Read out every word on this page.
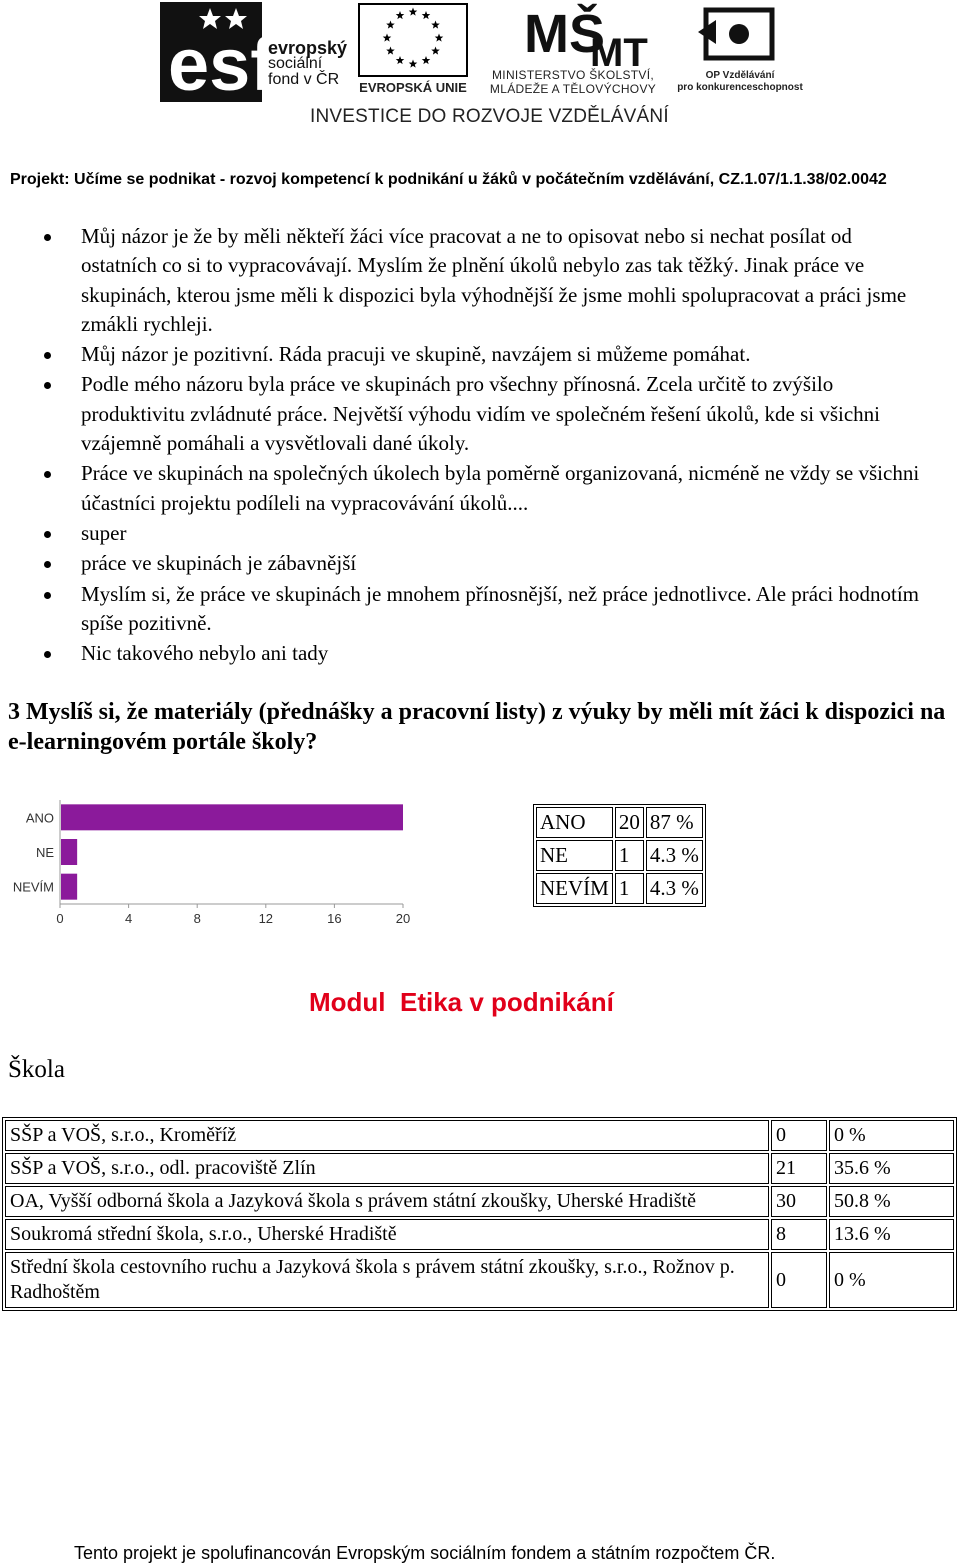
esf
evropský
sociální
fond v ČR	EVROPSKÁ UNIE
MŠ
MT
MINISTERSTVO ŠKOLSTVÍ,
MLÁDEŽE A TĚLOVÝCHOVY
OP Vzdělávání
pro konkurenceschopnost
INVESTICE DO ROZVOJE VZDĚLÁVÁNÍ
Projekt: Učíme se podnikat - rozvoj kompetencí k podnikání u žáků v počátečním vzdělávání, CZ.1.07/1.1.38/02.0042
Můj názor je že by měli někteří žáci více pracovat a ne to opisovat nebo si nechat posílat od ostatních co si to vypracovávají. Myslím že plnění úkolů nebylo zas tak těžký. Jinak práce ve skupinách, kterou jsme měli k dispozici byla výhodnější že jsme mohli spolupracovat a práci jsme zmákli rychleji.
Můj názor je pozitivní. Ráda pracuji ve skupině, navzájem si můžeme pomáhat.
Podle mého názoru byla práce ve skupinách pro všechny přínosná. Zcela určitě to zvýšilo produktivitu zvládnuté práce. Největší výhodu vidím ve společném řešení úkolů, kde si všichni vzájemně pomáhali a vysvětlovali dané úkoly.
Práce ve skupinách na společných úkolech byla poměrně organizovaná, nicméně ne vždy se všichni účastníci projektu podíleli na vypracovávání úkolů....
super
práce ve skupinách je zábavnější
Myslím si, že práce ve skupinách je mnohem přínosnější, než práce jednotlivce. Ale práci hodnotím spíše pozitivně.
Nic takového nebylo ani tady
3 Myslíš si, že materiály (přednášky a pracovní listy) z výuky by měli mít žáci k dispozici na e-learningovém portále školy?
ANO
NE
NEVÍM
0	4	8	12	16	20
ANO	20	87 %
NE	1	4.3 %
NEVÍM	1	4.3 %
Modul  Etika v podnikání
Škola
SŠP a VOŠ, s.r.o., Kroměříž	0	0 %
SŠP a VOŠ, s.r.o., odl. pracoviště Zlín	21	35.6 %
OA, Vyšší odborná škola a Jazyková škola s právem státní zkoušky, Uherské Hradiště	30	50.8 %
Soukromá střední škola, s.r.o., Uherské Hradiště	8	13.6 %
Střední škola cestovního ruchu a Jazyková škola s právem státní zkoušky, s.r.o., Rožnov p. Radhoštěm	0	0 %
Tento projekt je spolufinancován Evropským sociálním fondem a státním rozpočtem ČR.
